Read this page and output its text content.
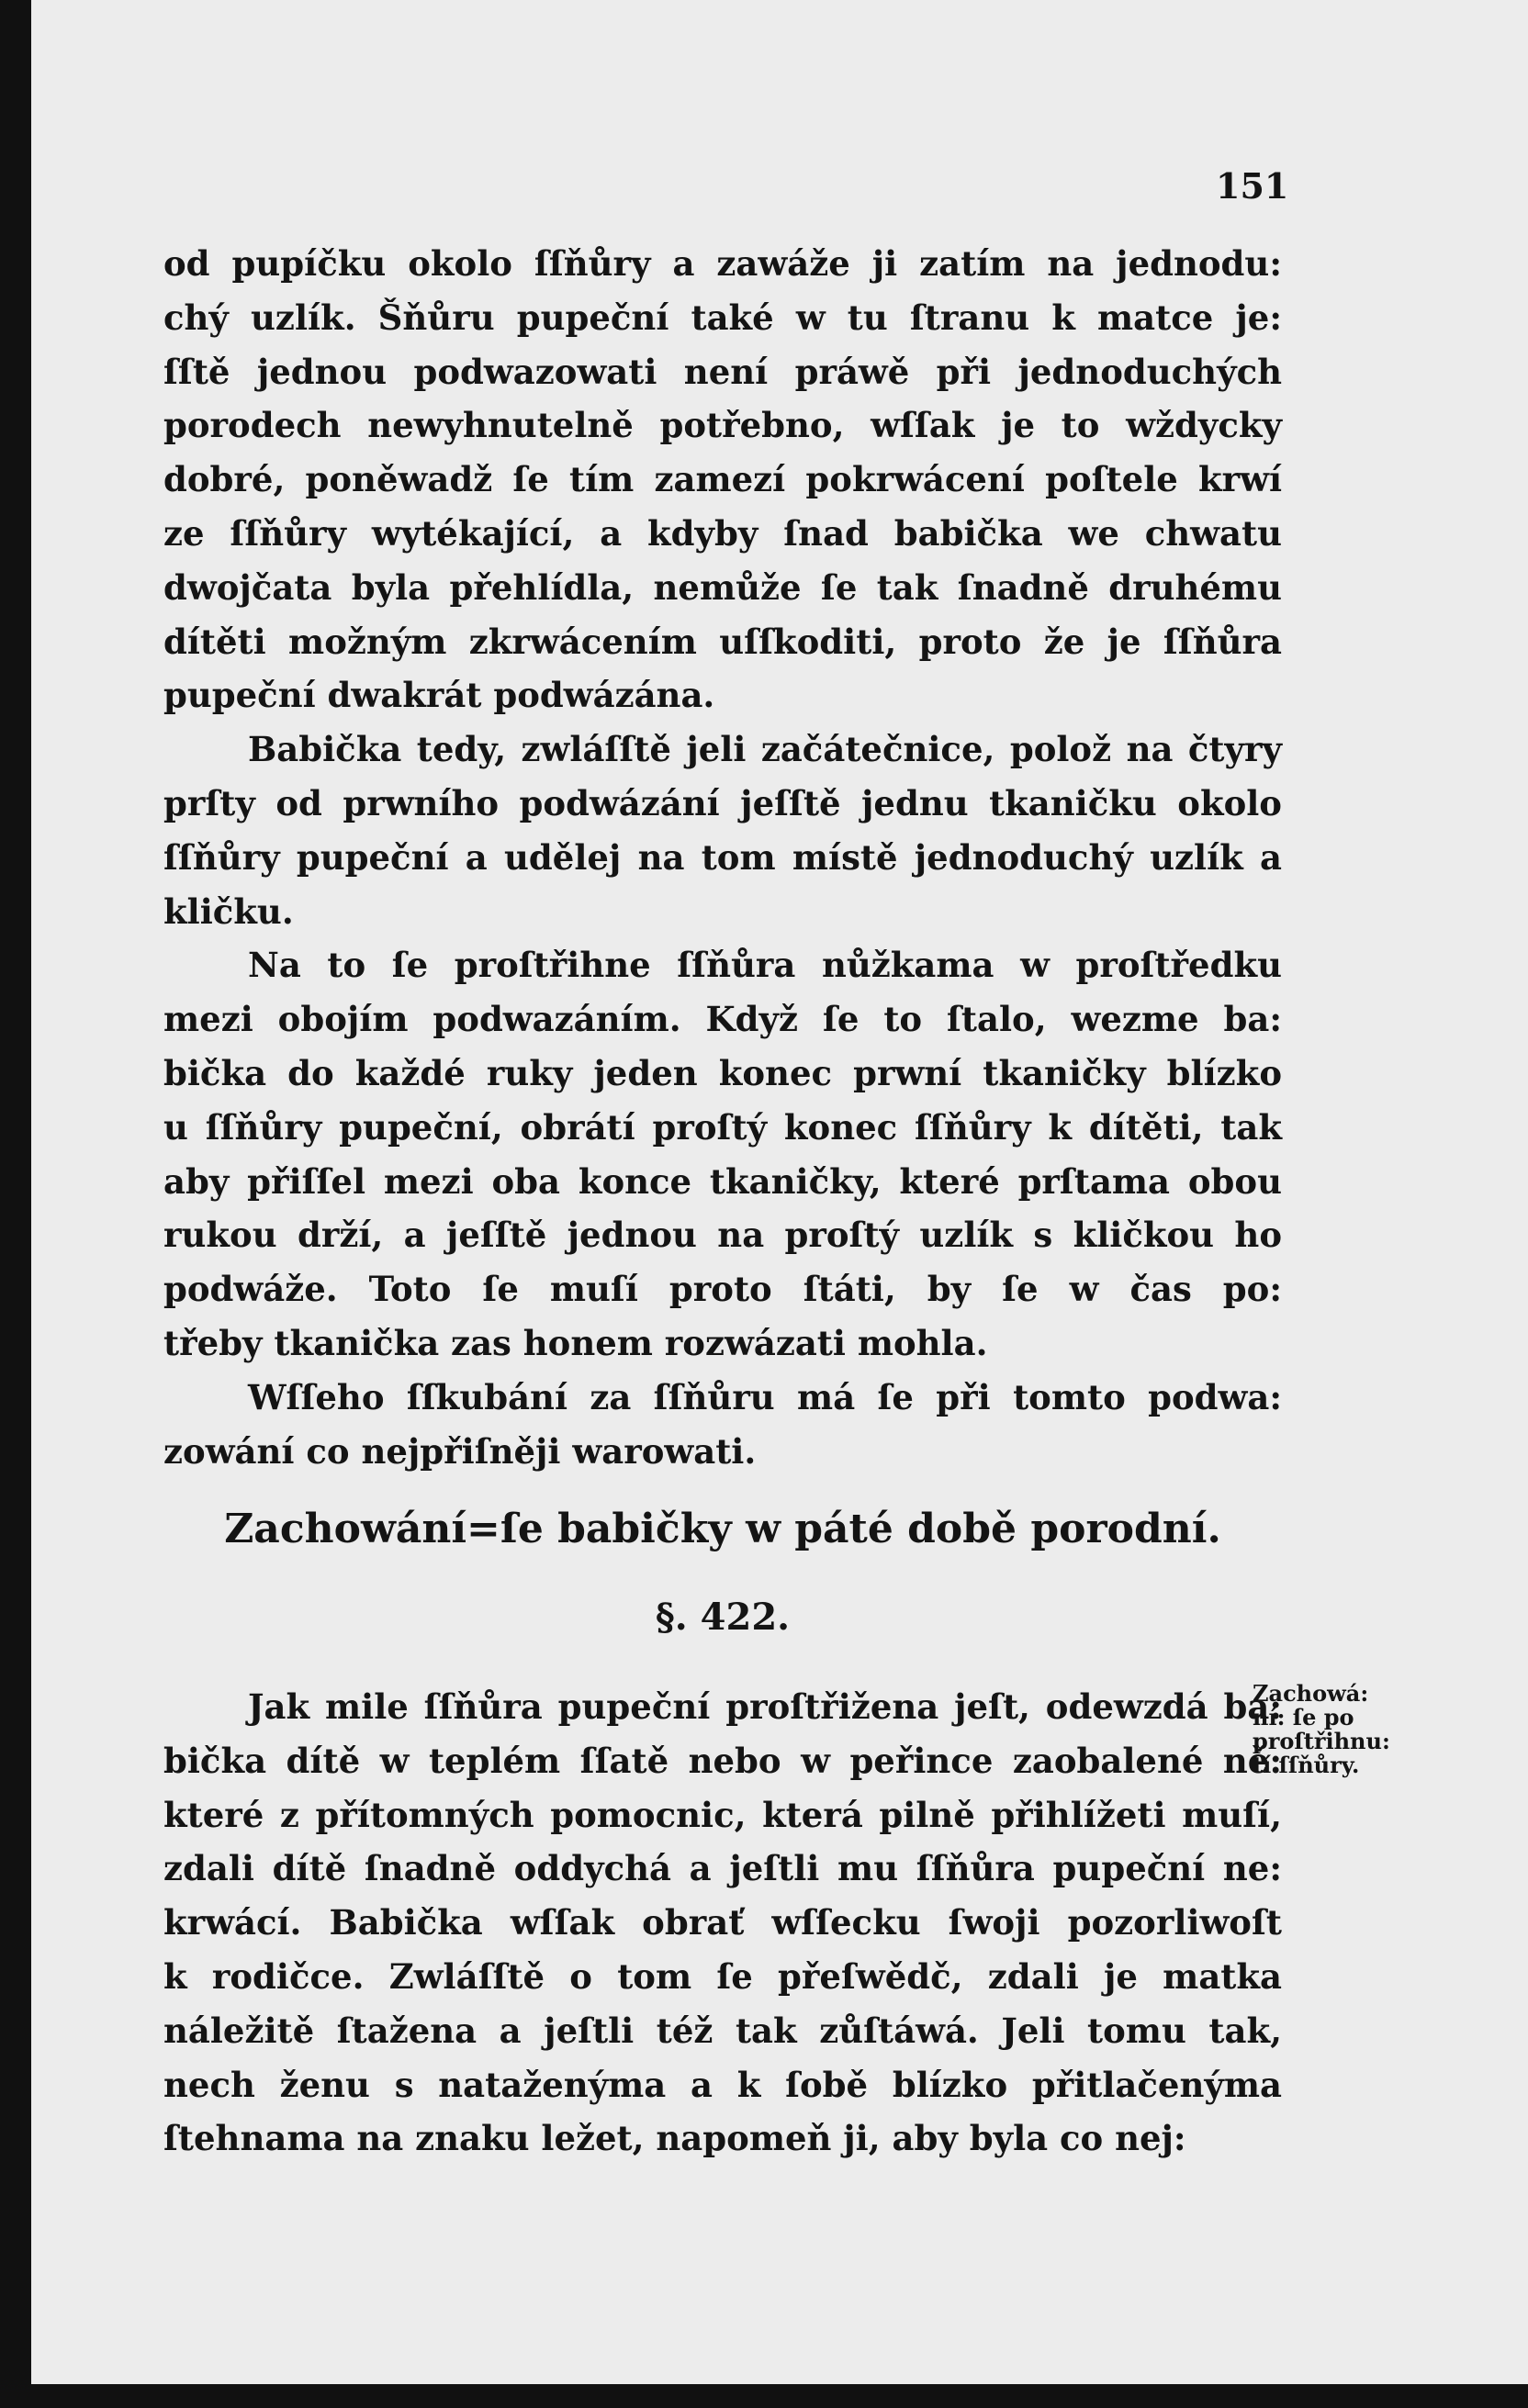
151
od pupíčku okolo ſſňůry a zawáže ji zatím na jednodu:
chý uzlík. Šňůru pupeční také w tu ſtranu k matce je:
ſſtě jednou podwazowati není práwě při jednoduchých
porodech newyhnutelně potřebno, wſſak je to wždycky
dobré, poněwadž ſe tím zamezí pokrwácení poſtele krwí
ze ſſňůry wytékající, a kdyby ſnad babička we chwatu
dwojčata byla přehlídla, nemůže ſe tak ſnadně druhému
dítěti možným zkrwácením uſſkoditi, proto že je ſſňůra
pupeční dwakrát podwázána.
Babička tedy, zwláſſtě jeli začátečnice, polož na čtyry
prſty od prwního podwázání jeſſtě jednu tkaničku okolo
ſſňůry pupeční a udělej na tom místě jednoduchý uzlík a
kličku.
Na to ſe proſtřihne ſſňůra nůžkama w proſtředku
mezi obojím podwazáním. Když ſe to ſtalo, wezme ba:
bička do každé ruky jeden konec prwní tkaničky blízko
u ſſňůry pupeční, obrátí proſtý konec ſſňůry k dítěti, tak
aby přiſſel mezi oba konce tkaničky, které prſtama obou
rukou drží, a jeſſtě jednou na proſtý uzlík s kličkou ho
podwáže. Toto ſe muſí proto ſtáti, by ſe w čas po:
třeby tkanička zas honem rozwázati mohla.
Wſſeho ſſkubání za ſſňůru má ſe při tomto podwa:
zowání co nejpřiſněji warowati.
Zachowání=ſe babičky w páté době porodní.
§. 422.
Jak mile ſſňůra pupeční proſtřižena jeſt, odewzdá ba:
bička dítě w teplém ſſatě nebo w peřince zaobalené ně:
které z přítomných pomocnic, která pilně přihlížeti muſí,
zdali dítě ſnadně oddychá a jeſtli mu ſſňůra pupeční ne:
krwácí. Babička wſſak obrať wſſecku ſwoji pozorliwoſt
k rodičce. Zwláſſtě o tom ſe přeſwědč, zdali je matka
náležitě ſtažena a jeſtli též tak zůſtáwá. Jeli tomu tak,
nech ženu s nataženýma a k ſobě blízko přitlačenýma
ſtehnama na znaku ležet, napomeň ji, aby byla co nej:
Zachowá:
ní: ſe po
proſtřihnu:
tí ſſňůry.
